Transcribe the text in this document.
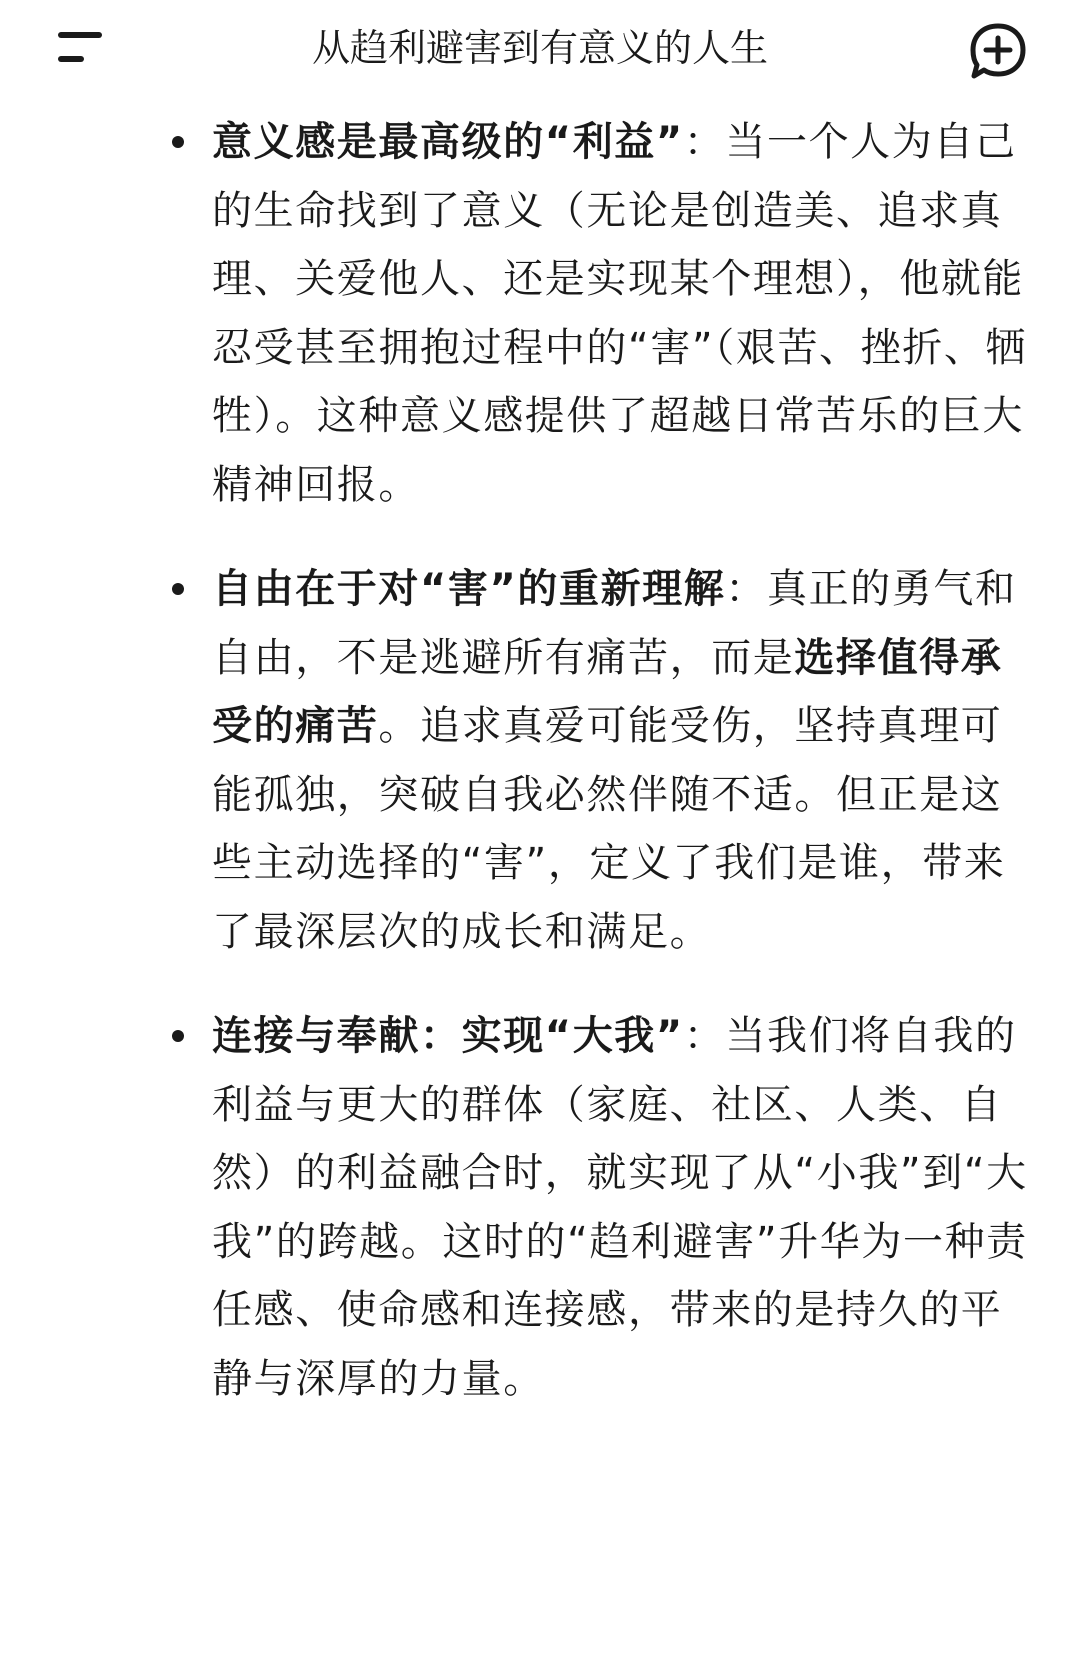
从趋利避害到有意义的人生
意义感是最高级的“利益”：当一个人为自己的生命找到了意义（无论是创造美、追求真理、关爱他人、还是实现某个理想），他就能忍受甚至拥抱过程中的“害”（艰苦、挫折、牺牲）。这种意义感提供了超越日常苦乐的巨大精神回报。
自由在于对“害”的重新理解：真正的勇气和自由，不是逃避所有痛苦，而是选择值得承受的痛苦。追求真爱可能受伤，坚持真理可能孤独，突破自我必然伴随不适。但正是这些主动选择的“害”，定义了我们是谁，带来了最深层次的成长和满足。
连接与奉献：实现“大我”：当我们将自我的利益与更大的群体（家庭、社区、人类、自然）的利益融合时，就实现了从“小我”到“大我”的跨越。这时的“趋利避害”升华为一种责任感、使命感和连接感，带来的是持久的平静与深厚的力量。
